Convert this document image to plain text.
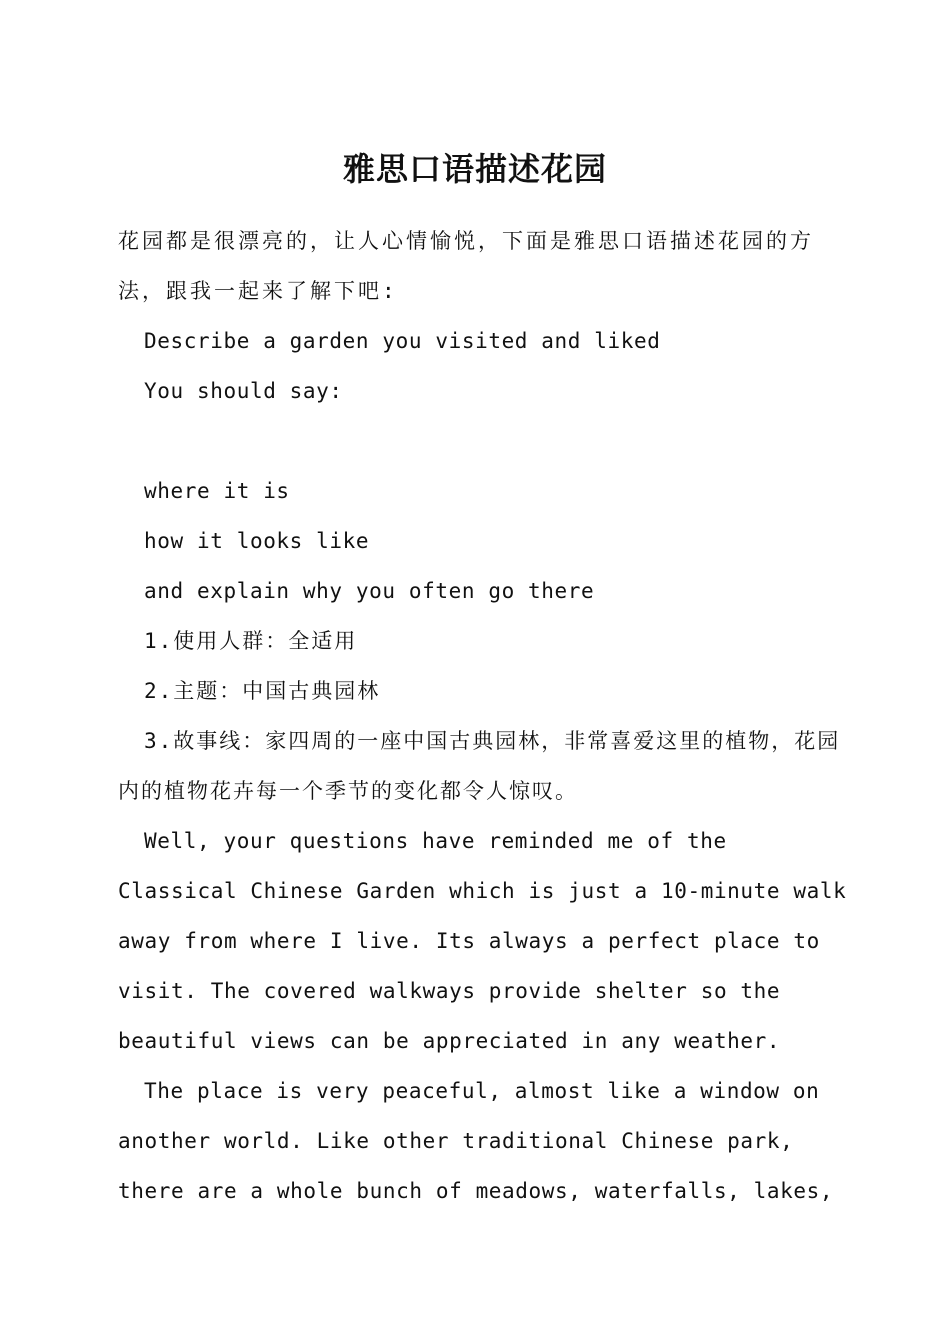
雅思口语描述花园

花园都是很漂亮的，让人心情愉悦，下面是雅思口语描述花园的方法，跟我一起来了解下吧:

Describe a garden you visited and liked

You should say:

where it is

how it looks like

and explain why you often go there

1.使用人群：全适用

2.主题：中国古典园林

3.故事线：家四周的一座中国古典园林，非常喜爱这里的植物，花园内的植物花卉每一个季节的变化都令人惊叹。

Well, your questions have reminded me of the Classical Chinese Garden which is just a 10-minute walk away from where I live. Its always a perfect place to visit. The covered walkways provide shelter so the beautiful views can be appreciated in any weather.

The place is very peaceful, almost like a window on another world. Like other traditional Chinese park, there are a whole bunch of meadows, waterfalls, lakes,
